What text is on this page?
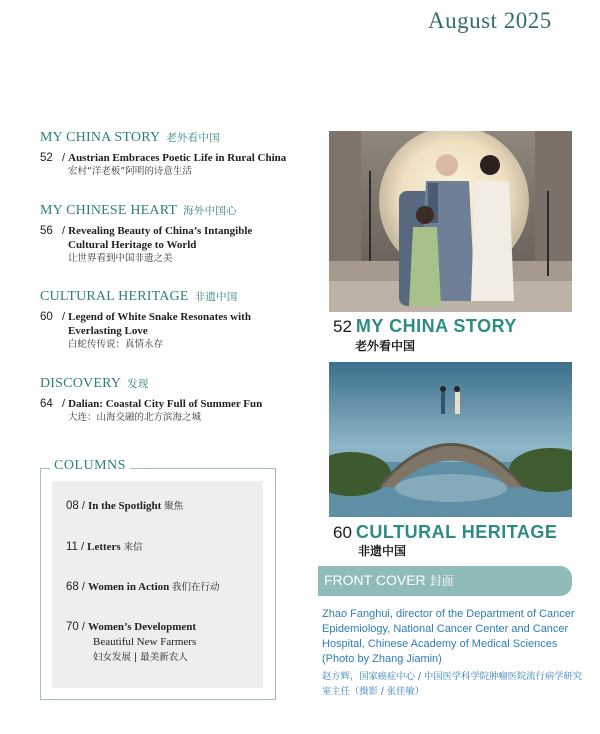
August 2025
MY CHINA STORY 老外看中国
52 / Austrian Embraces Poetic Life in Rural China
宏村“洋老板”阿明的诗意生活
MY CHINESE HEART 海外中国心
56 / Revealing Beauty of China’s Intangible
Cultural Heritage to World
让世界看到中国非遗之美
CULTURAL HERITAGE 非遗中国
60 / Legend of White Snake Resonates with
Everlasting Love
白蛇传传说：真情永存
DISCOVERY 发现
64 / Dalian: Coastal City Full of Summer Fun
大连：山海交融的北方滨海之城
COLUMNS
08 / In the Spotlight 聚焦
11 / Letters 来信
68 / Women in Action 我们在行动
70 / Women’s Development
Beautiful New Farmers
妇女发展 | 最美新农人
52 MY CHINA STORY
老外看中国
60 CULTURAL HERITAGE
非遗中国
FRONT COVER 封面
Zhao Fanghui, director of the Department of Cancer Epidemiology, National Cancer Center and Cancer Hospital, Chinese Academy of Medical Sciences (Photo by Zhang Jiamin)
赵方辉，国家癌症中心 / 中国医学科学院肿瘤医院流行病学研究室主任（摄影 / 张佳敏）
